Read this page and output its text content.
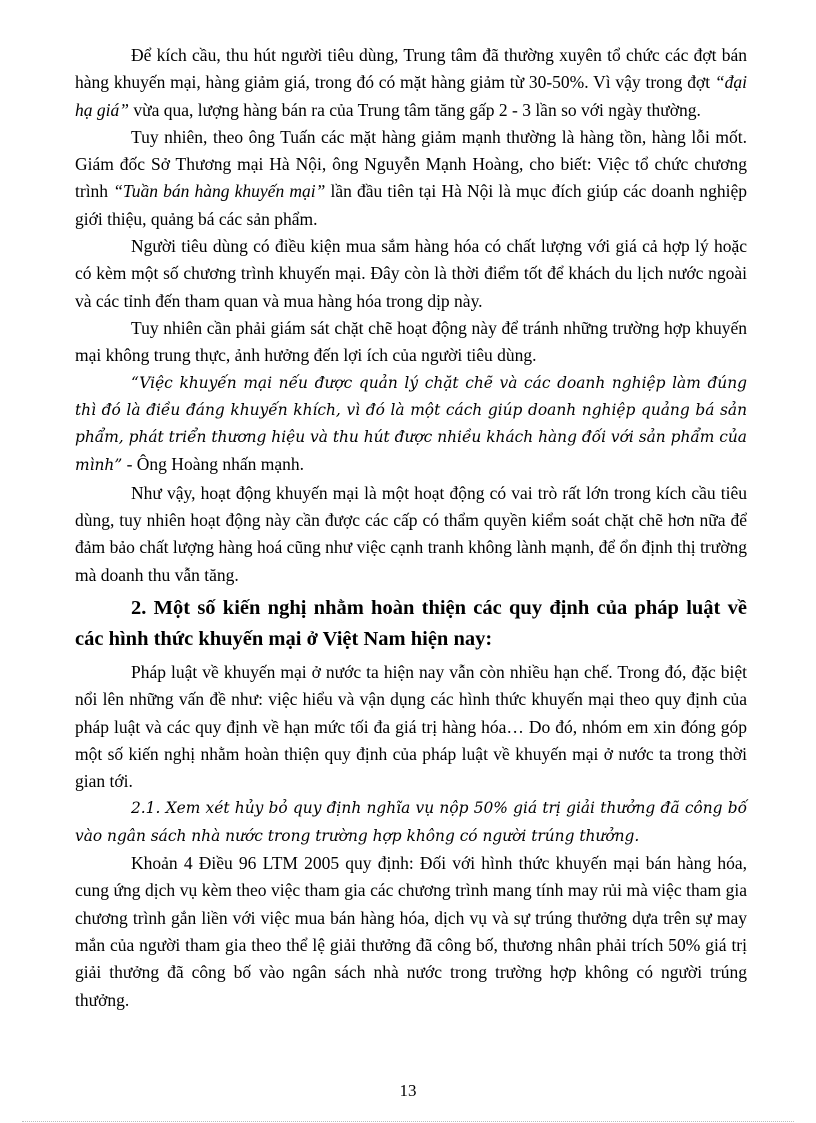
Để kích cầu, thu hút người tiêu dùng, Trung tâm đã thường xuyên tổ chức các đợt bán hàng khuyến mại, hàng giảm giá, trong đó có mặt hàng giảm từ 30-50%. Vì vậy trong đợt “đại hạ giá” vừa qua, lượng hàng bán ra của Trung tâm tăng gấp 2 - 3 lần so với ngày thường.

Tuy nhiên, theo ông Tuấn các mặt hàng giảm mạnh thường là hàng tồn, hàng lỗi mốt. Giám đốc Sở Thương mại Hà Nội, ông Nguyễn Mạnh Hoàng, cho biết: Việc tổ chức chương trình “Tuần bán hàng khuyến mại” lần đầu tiên tại Hà Nội là mục đích giúp các doanh nghiệp giới thiệu, quảng bá các sản phẩm.

Người tiêu dùng có điều kiện mua sắm hàng hóa có chất lượng với giá cả hợp lý hoặc có kèm một số chương trình khuyến mại. Đây còn là thời điểm tốt để khách du lịch nước ngoài và các tỉnh đến tham quan và mua hàng hóa trong dịp này.

Tuy nhiên cần phải giám sát chặt chẽ hoạt động này để tránh những trường hợp khuyến mại không trung thực, ảnh hưởng đến lợi ích của người tiêu dùng.

“Việc khuyến mại nếu được quản lý chặt chẽ và các doanh nghiệp làm đúng thì đó là điều đáng khuyến khích, vì đó là một cách giúp doanh nghiệp quảng bá sản phẩm, phát triển thương hiệu và thu hút được nhiều khách hàng đối với sản phẩm của mình” - Ông Hoàng nhấn mạnh.

Như vậy, hoạt động khuyến mại là một hoạt động có vai trò rất lớn trong kích cầu tiêu dùng, tuy nhiên hoạt động này cần được các cấp có thẩm quyền kiểm soát chặt chẽ hơn nữa để đảm bảo chất lượng hàng hoá cũng như việc cạnh tranh không lành mạnh, để ổn định thị trường mà doanh thu vẫn tăng.

2. Một số kiến nghị nhằm hoàn thiện các quy định của pháp luật về các hình thức khuyến mại ở Việt Nam hiện nay:

Pháp luật về khuyến mại ở nước ta hiện nay vẫn còn nhiều hạn chế. Trong đó, đặc biệt nổi lên những vấn đề như: việc hiểu và vận dụng các hình thức khuyến mại theo quy định của pháp luật và các quy định về hạn mức tối đa giá trị hàng hóa… Do đó, nhóm em xin đóng góp một số kiến nghị nhằm hoàn thiện quy định của pháp luật về khuyến mại ở nước ta trong thời gian tới.

2.1. Xem xét hủy bỏ quy định nghĩa vụ nộp 50% giá trị giải thưởng đã công bố vào ngân sách nhà nước trong trường hợp không có người trúng thưởng.

Khoản 4 Điều 96 LTM 2005 quy định: Đối với hình thức khuyến mại bán hàng hóa, cung ứng dịch vụ kèm theo việc tham gia các chương trình mang tính may rủi mà việc tham gia chương trình gắn liền với việc mua bán hàng hóa, dịch vụ và sự trúng thưởng dựa trên sự may mắn của người tham gia theo thể lệ giải thưởng đã công bố, thương nhân phải trích 50% giá trị giải thưởng đã công bố vào ngân sách nhà nước trong trường hợp không có người trúng thưởng.

13
